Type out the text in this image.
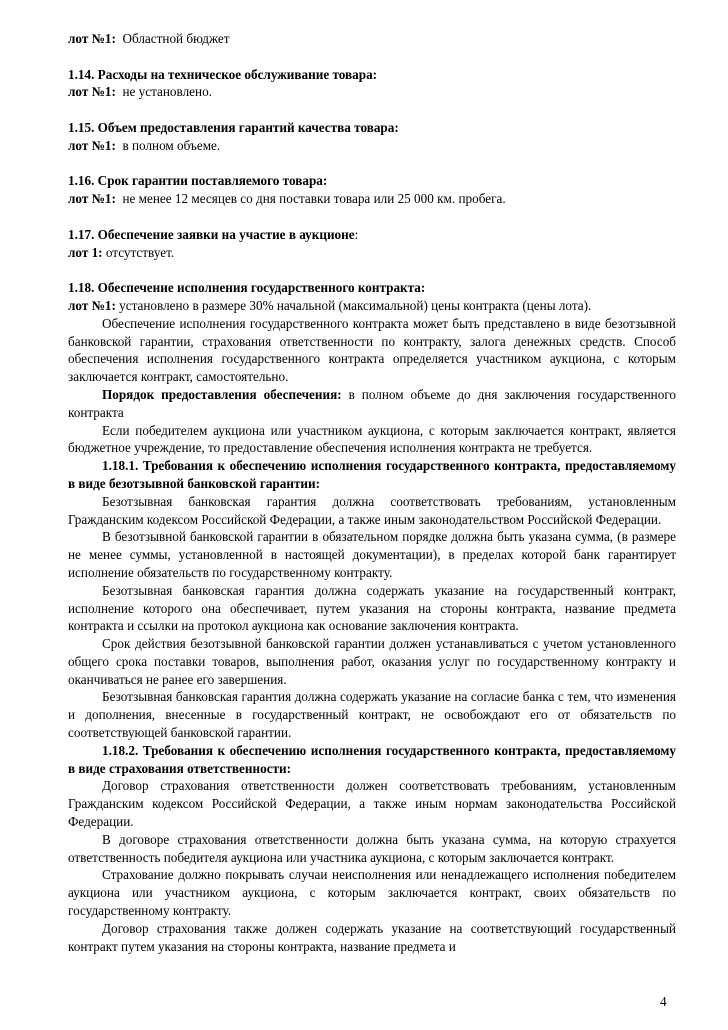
лот №1: Областной бюджет

1.14. Расходы на техническое обслуживание товара:

лот №1: не установлено.

1.15. Объем предоставления гарантий качества товара:

лот №1: в полном объеме.

1.16. Срок гарантии поставляемого товара:

лот №1: не менее 12 месяцев со дня поставки товара или 25 000 км. пробега.

1.17. Обеспечение заявки на участие в аукционе:

лот 1: отсутствует.

1.18. Обеспечение исполнения государственного контракта:

лот №1: установлено в размере 30% начальной (максимальной) цены контракта (цены лота).

Обеспечение исполнения государственного контракта может быть представлено в виде безотзывной банковской гарантии, страхования ответственности по контракту, залога денежных средств. Способ обеспечения исполнения государственного контракта определяется участником аукциона, с которым заключается контракт, самостоятельно.

Порядок предоставления обеспечения: в полном объеме до дня заключения государственного контракта

Если победителем аукциона или участником аукциона, с которым заключается контракт, является бюджетное учреждение, то предоставление обеспечения исполнения контракта не требуется.

1.18.1. Требования к обеспечению исполнения государственного контракта, предоставляемому в виде безотзывной банковской гарантии:

Безотзывная банковская гарантия должна соответствовать требованиям, установленным Гражданским кодексом Российской Федерации, а также иным законодательством Российской Федерации.

В безотзывной банковской гарантии в обязательном порядке должна быть указана сумма, (в размере не менее суммы, установленной в настоящей документации), в пределах которой банк гарантирует исполнение обязательств по государственному контракту.

Безотзывная банковская гарантия должна содержать указание на государственный контракт, исполнение которого она обеспечивает, путем указания на стороны контракта, название предмета контракта и ссылки на протокол аукциона как основание заключения контракта.

Срок действия безотзывной банковской гарантии должен устанавливаться с учетом установленного общего срока поставки товаров, выполнения работ, оказания услуг по государственному контракту и оканчиваться не ранее его завершения.

Безотзывная банковская гарантия должна содержать указание на согласие банка с тем, что изменения и дополнения, внесенные в государственный контракт, не освобождают его от обязательств по соответствующей банковской гарантии.

1.18.2. Требования к обеспечению исполнения государственного контракта, предоставляемому в виде страхования ответственности:

Договор страхования ответственности должен соответствовать требованиям, установленным Гражданским кодексом Российской Федерации, а также иным нормам законодательства Российской Федерации.

В договоре страхования ответственности должна быть указана сумма, на которую страхуется ответственность победителя аукциона или участника аукциона, с которым заключается контракт.

Страхование должно покрывать случаи неисполнения или ненадлежащего исполнения победителем аукциона или участником аукциона, с которым заключается контракт, своих обязательств по государственному контракту.

Договор страхования также должен содержать указание на соответствующий государственный контракт путем указания на стороны контракта, название предмета и

4
